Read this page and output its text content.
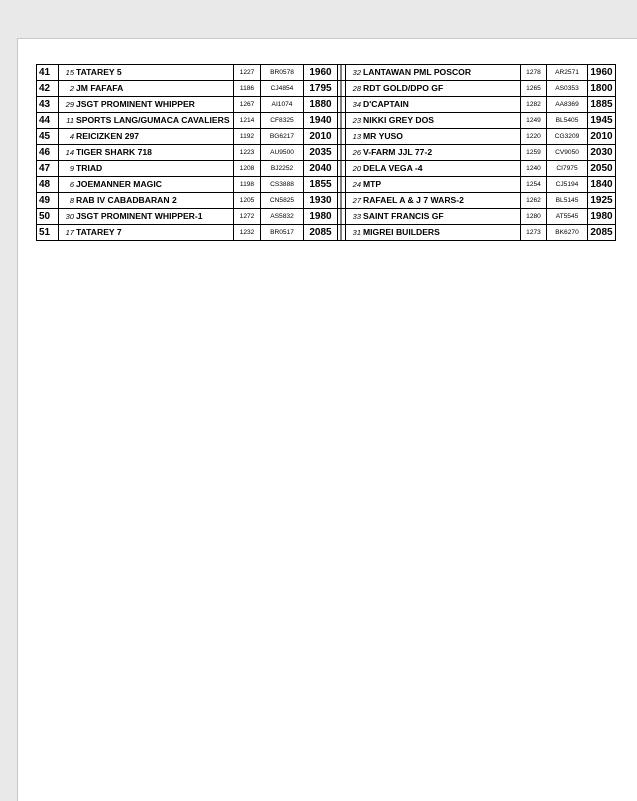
41	15 TATAREY 5	1227	BR0578	1960		32 LANTAWAN PML POSCOR	1278	AR2571	1960
42	2 JM FAFAFA	1186	CJ4854	1795		28 RDT GOLD/DPO GF	1265	AS0353	1800
43	29 JSGT PROMINENT WHIPPER	1267	AI1074	1880		34 D'CAPTAIN	1282	AA8369	1885
44	11 SPORTS LANG/GUMACA CAVALIERS	1214	CF8325	1940		23 NIKKI GREY DOS	1249	BL5405	1945
45	4 REICIZKEN 297	1192	BG6217	2010		13 MR YUSO	1220	CG3209	2010
46	14 TIGER SHARK 718	1223	AU9500	2035		26 V-FARM JJL 77-2	1259	CV9050	2030
47	9 TRIAD	1208	BJ2252	2040		20 DELA VEGA -4	1240	CI7975	2050
48	6 JOEMANNER MAGIC	1198	CS3888	1855		24 MTP	1254	CJ5194	1840
49	8 RAB IV CABADBARAN 2	1205	CN5825	1930		27 RAFAEL A & J 7 WARS-2	1262	BL5145	1925
50	30 JSGT PROMINENT WHIPPER-1	1272	AS5832	1980		33 SAINT FRANCIS GF	1280	AT5545	1980
51	17 TATAREY 7	1232	BR0517	2085		31 MIGREI BUILDERS	1273	BK6270	2085
